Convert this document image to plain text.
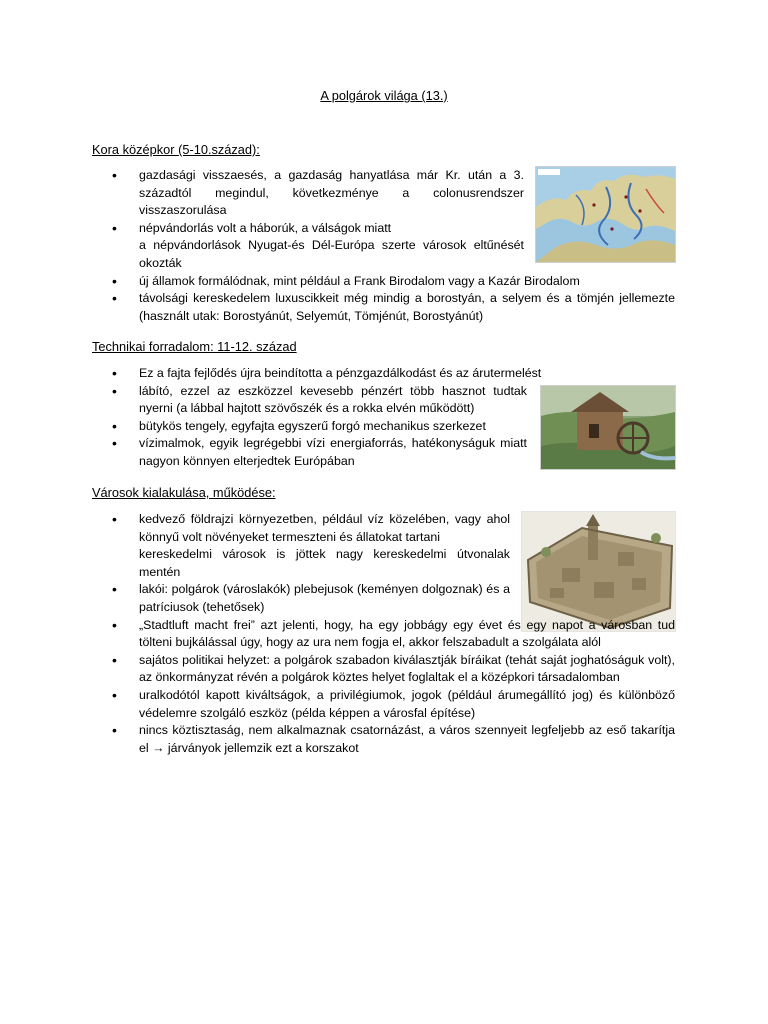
A polgárok világa (13.)
Kora középkor (5-10.század):
• gazdasági visszaesés, a gazdaság hanyatlása már Kr. után a 3. századtól megindul, következménye a colonusrendszer visszaszorulása
• népvándorlás volt a háborúk, a válságok miatt
a népvándorlások Nyugat-és Dél-Európa szerte városok eltűnését okozták
• új államok formálódnak, mint például a Frank Birodalom vagy a Kazár Birodalom
• távolsági kereskedelem luxuscikkeit még mindig a borostyán, a selyem és a tömjén jellemezte (használt utak: Borostyánút, Selyemút, Tömjénút, Borostyánút)
Technikai forradalom: 11-12. század
• Ez a fajta fejlődés újra beindította a pénzgazdálkodást és az árutermelést
• lábító, ezzel az eszközzel kevesebb pénzért több hasznot tudtak nyerni (a lábbal hajtott szövőszék és a rokka elvén működött)
• bütykös tengely, egyfajta egyszerű forgó mechanikus szerkezet
• vízimalmok, egyik legrégebbi vízi energiaforrás, hatékonyságuk miatt nagyon könnyen elterjedtek Európában
Városok kialakulása, működése:
• kedvező földrajzi környezetben, például víz közelében, vagy ahol könnyű volt növényeket termeszteni és állatokat tartani
kereskedelmi városok is jöttek nagy kereskedelmi útvonalak mentén
• lakói: polgárok (városlakók) plebejusok (keményen dolgoznak) és a patríciusok (tehetősek)
• „Stadtluft macht frei” azt jelenti, hogy, ha egy jobbágy egy évet és egy napot a városban tud tölteni bujkálással úgy, hogy az ura nem fogja el, akkor felszabadult a szolgálata alól
• sajátos politikai helyzet: a polgárok szabadon kiválasztják bíráikat (tehát saját joghatóságuk volt), az önkormányzat révén a polgárok köztes helyet foglaltak el a középkori társadalomban
• uralkodótól kapott kiváltságok, a privilégiumok, jogok (például árumegállító jog) és különböző védelemre szolgáló eszköz (példa képpen a városfal építése)
• nincs köztisztaság, nem alkalmaznak csatornázást, a város szennyeit legfeljebb az eső takarítja el → járványok jellemzik ezt a korszakot
